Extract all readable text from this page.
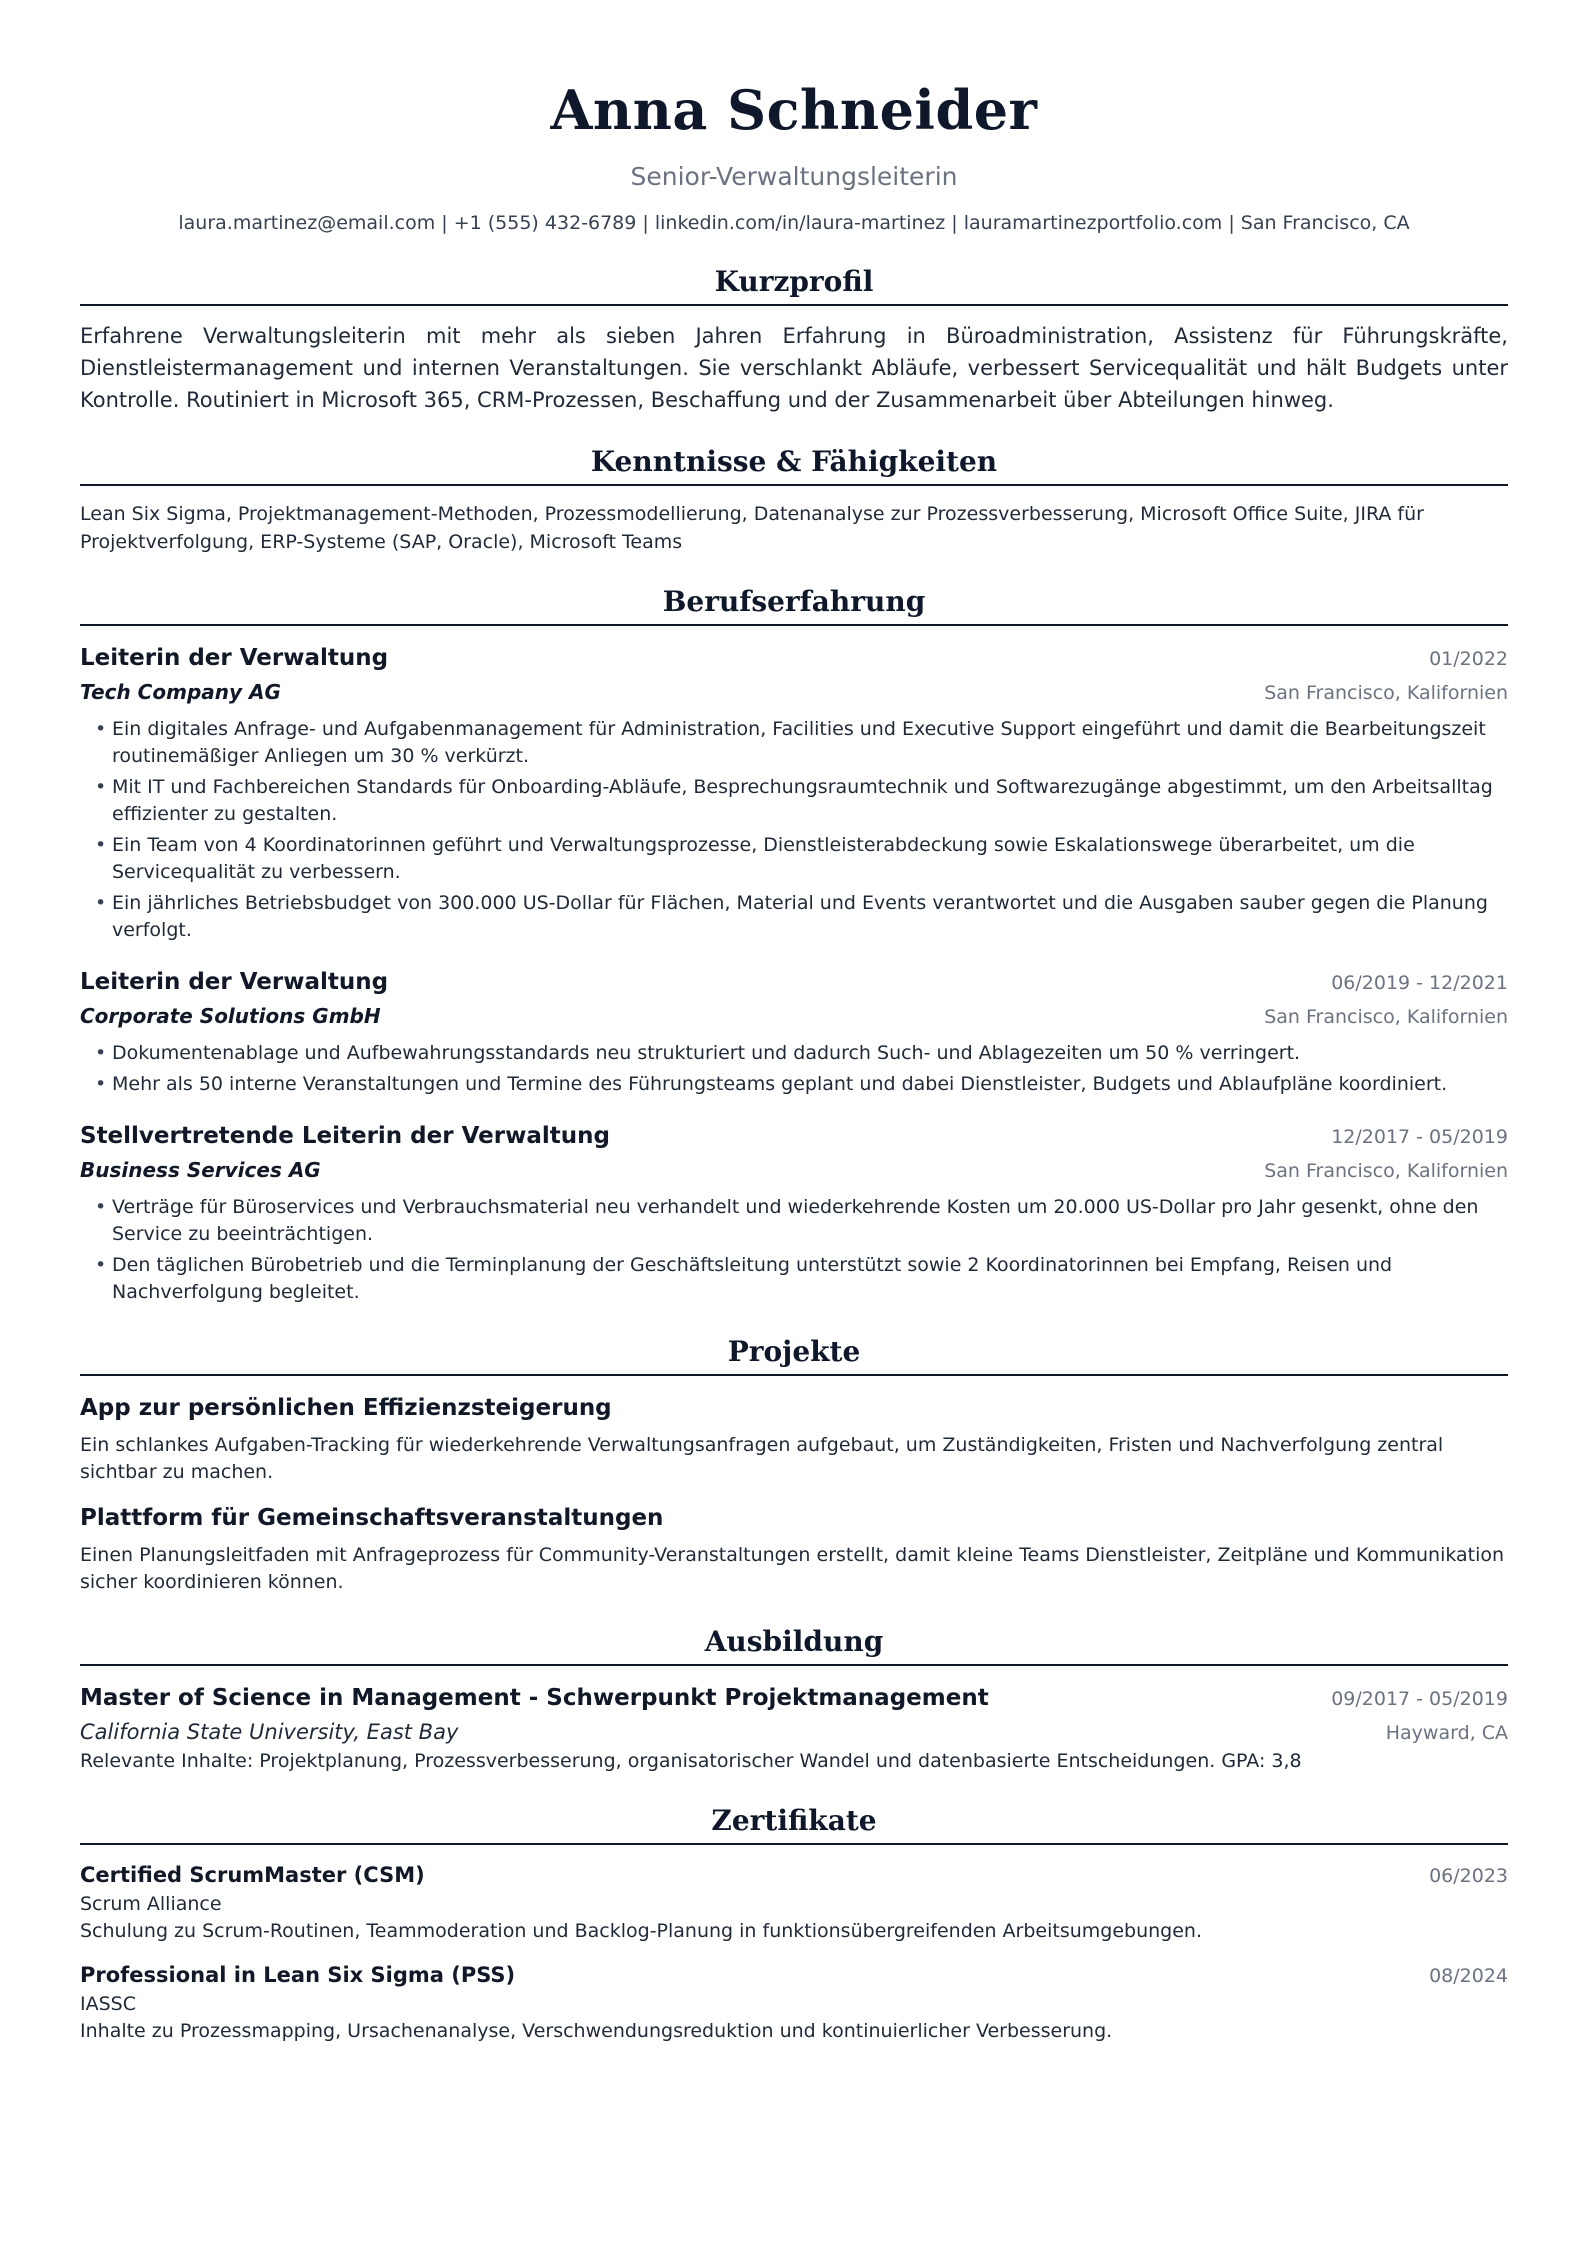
Anna Schneider
Senior-Verwaltungsleiterin
laura.martinez@email.com | +1 (555) 432-6789 | linkedin.com/in/laura-martinez | lauramartinezportfolio.com | San Francisco, CA
Kurzprofil

Erfahrene Verwaltungsleiterin mit mehr als sieben Jahren Erfahrung in Büroadministration, Assistenz für Führungskräfte, Dienstleistermanagement und internen Veranstaltungen. Sie verschlankt Abläufe, verbessert Servicequalität und hält Budgets unter Kontrolle. Routiniert in Microsoft 365, CRM-Prozessen, Beschaffung und der Zusammenarbeit über Abteilungen hinweg.

Kenntnisse & Fähigkeiten

Lean Six Sigma, Projektmanagement-Methoden, Prozessmodellierung, Datenanalyse zur Prozessverbesserung, Microsoft Office Suite, JIRA für Projektverfolgung, ERP-Systeme (SAP, Oracle), Microsoft Teams

Berufserfahrung
Leiterin der Verwaltung	01/2022
Tech Company AG	San Francisco, Kalifornien
• Ein digitales Anfrage- und Aufgabenmanagement für Administration, Facilities und Executive Support eingeführt und damit die Bearbeitungszeit routinemäßiger Anliegen um 30 % verkürzt.
• Mit IT und Fachbereichen Standards für Onboarding-Abläufe, Besprechungsraumtechnik und Softwarezugänge abgestimmt, um den Arbeitsalltag effizienter zu gestalten.
• Ein Team von 4 Koordinatorinnen geführt und Verwaltungsprozesse, Dienstleisterabdeckung sowie Eskalationswege überarbeitet, um die Servicequalität zu verbessern.
• Ein jährliches Betriebsbudget von 300.000 US-Dollar für Flächen, Material und Events verantwortet und die Ausgaben sauber gegen die Planung verfolgt.
Leiterin der Verwaltung	06/2019 - 12/2021
Corporate Solutions GmbH	San Francisco, Kalifornien
• Dokumentenablage und Aufbewahrungsstandards neu strukturiert und dadurch Such- und Ablagezeiten um 50 % verringert.
• Mehr als 50 interne Veranstaltungen und Termine des Führungsteams geplant und dabei Dienstleister, Budgets und Ablaufpläne koordiniert.
Stellvertretende Leiterin der Verwaltung	12/2017 - 05/2019
Business Services AG	San Francisco, Kalifornien
• Verträge für Büroservices und Verbrauchsmaterial neu verhandelt und wiederkehrende Kosten um 20.000 US-Dollar pro Jahr gesenkt, ohne den Service zu beeinträchtigen.
• Den täglichen Bürobetrieb und die Terminplanung der Geschäftsleitung unterstützt sowie 2 Koordinatorinnen bei Empfang, Reisen und Nachverfolgung begleitet.
Projekte
App zur persönlichen Effizienzsteigerung
Ein schlankes Aufgaben-Tracking für wiederkehrende Verwaltungsanfragen aufgebaut, um Zuständigkeiten, Fristen und Nachverfolgung zentral sichtbar zu machen.
Plattform für Gemeinschaftsveranstaltungen
Einen Planungsleitfaden mit Anfrageprozess für Community-Veranstaltungen erstellt, damit kleine Teams Dienstleister, Zeitpläne und Kommunikation sicher koordinieren können.
Ausbildung
Master of Science in Management - Schwerpunkt Projektmanagement	09/2017 - 05/2019
California State University, East Bay	Hayward, CA
Relevante Inhalte: Projektplanung, Prozessverbesserung, organisatorischer Wandel und datenbasierte Entscheidungen. GPA: 3,8
Zertifikate
Certified ScrumMaster (CSM)	06/2023
Scrum Alliance
Schulung zu Scrum-Routinen, Teammoderation und Backlog-Planung in funktionsübergreifenden Arbeitsumgebungen.
Professional in Lean Six Sigma (PSS)	08/2024
IASSC
Inhalte zu Prozessmapping, Ursachenanalyse, Verschwendungsreduktion und kontinuierlicher Verbesserung.
